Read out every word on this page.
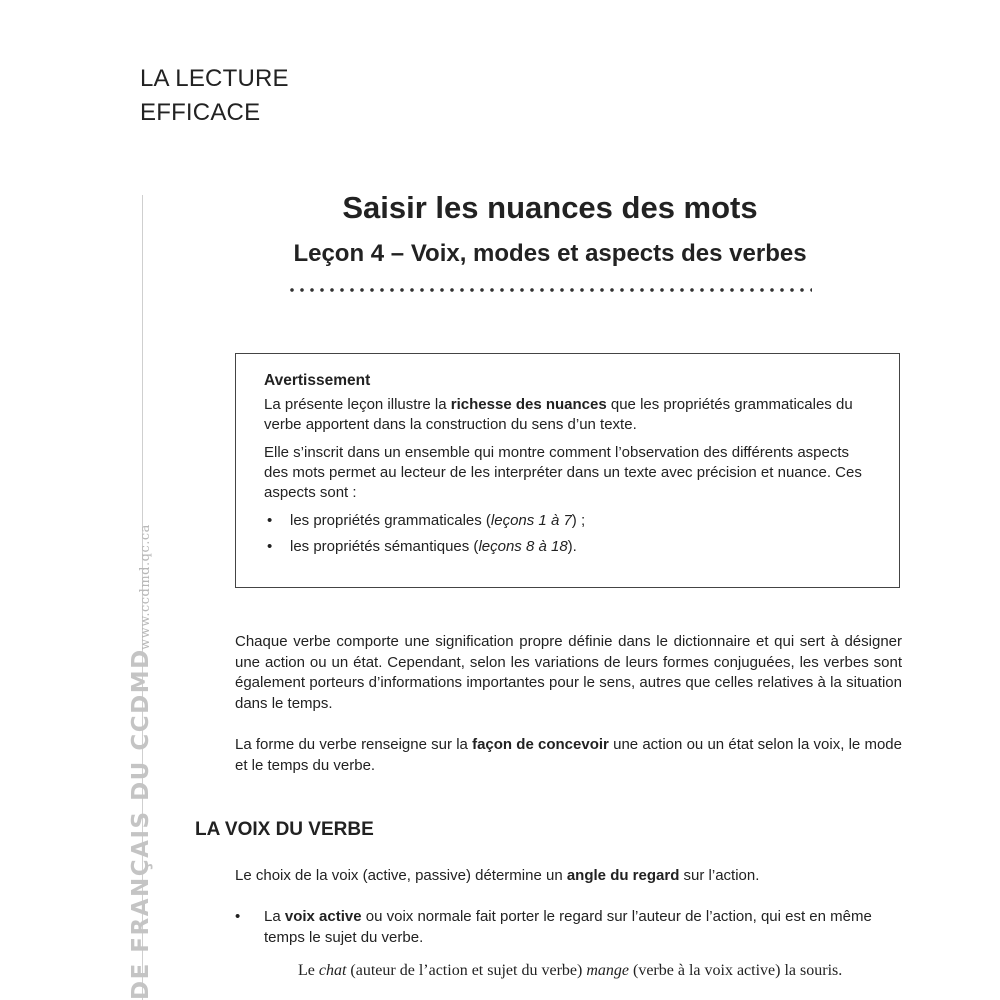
LA LECTURE
EFFICACE
DE FRANÇAIS DU CCDMD
www.ccdmd.qc.ca
Saisir les nuances des mots
Leçon 4 – Voix, modes et aspects des verbes
Avertissement

La présente leçon illustre la richesse des nuances que les propriétés grammaticales du verbe apportent dans la construction du sens d’un texte.

Elle s’inscrit dans un ensemble qui montre comment l’observation des différents aspects des mots permet au lecteur de les interpréter dans un texte avec précision et nuance. Ces aspects sont :

• les propriétés grammaticales (leçons 1 à 7) ;
• les propriétés sémantiques (leçons 8 à 18).

Chaque verbe comporte une signification propre définie dans le dictionnaire et qui sert à désigner une action ou un état. Cependant, selon les variations de leurs formes conjuguées, les verbes sont également porteurs d’informations importantes pour le sens, autres que celles relatives à la situation dans le temps.

La forme du verbe renseigne sur la façon de concevoir une action ou un état selon la voix, le mode et le temps du verbe.

LA VOIX DU VERBE

Le choix de la voix (active, passive) détermine un angle du regard sur l’action.

• La voix active ou voix normale fait porter le regard sur l’auteur de l’action, qui est en même temps le sujet du verbe.
Le chat (auteur de l’action et sujet du verbe) mange (verbe à la voix active) la souris.
